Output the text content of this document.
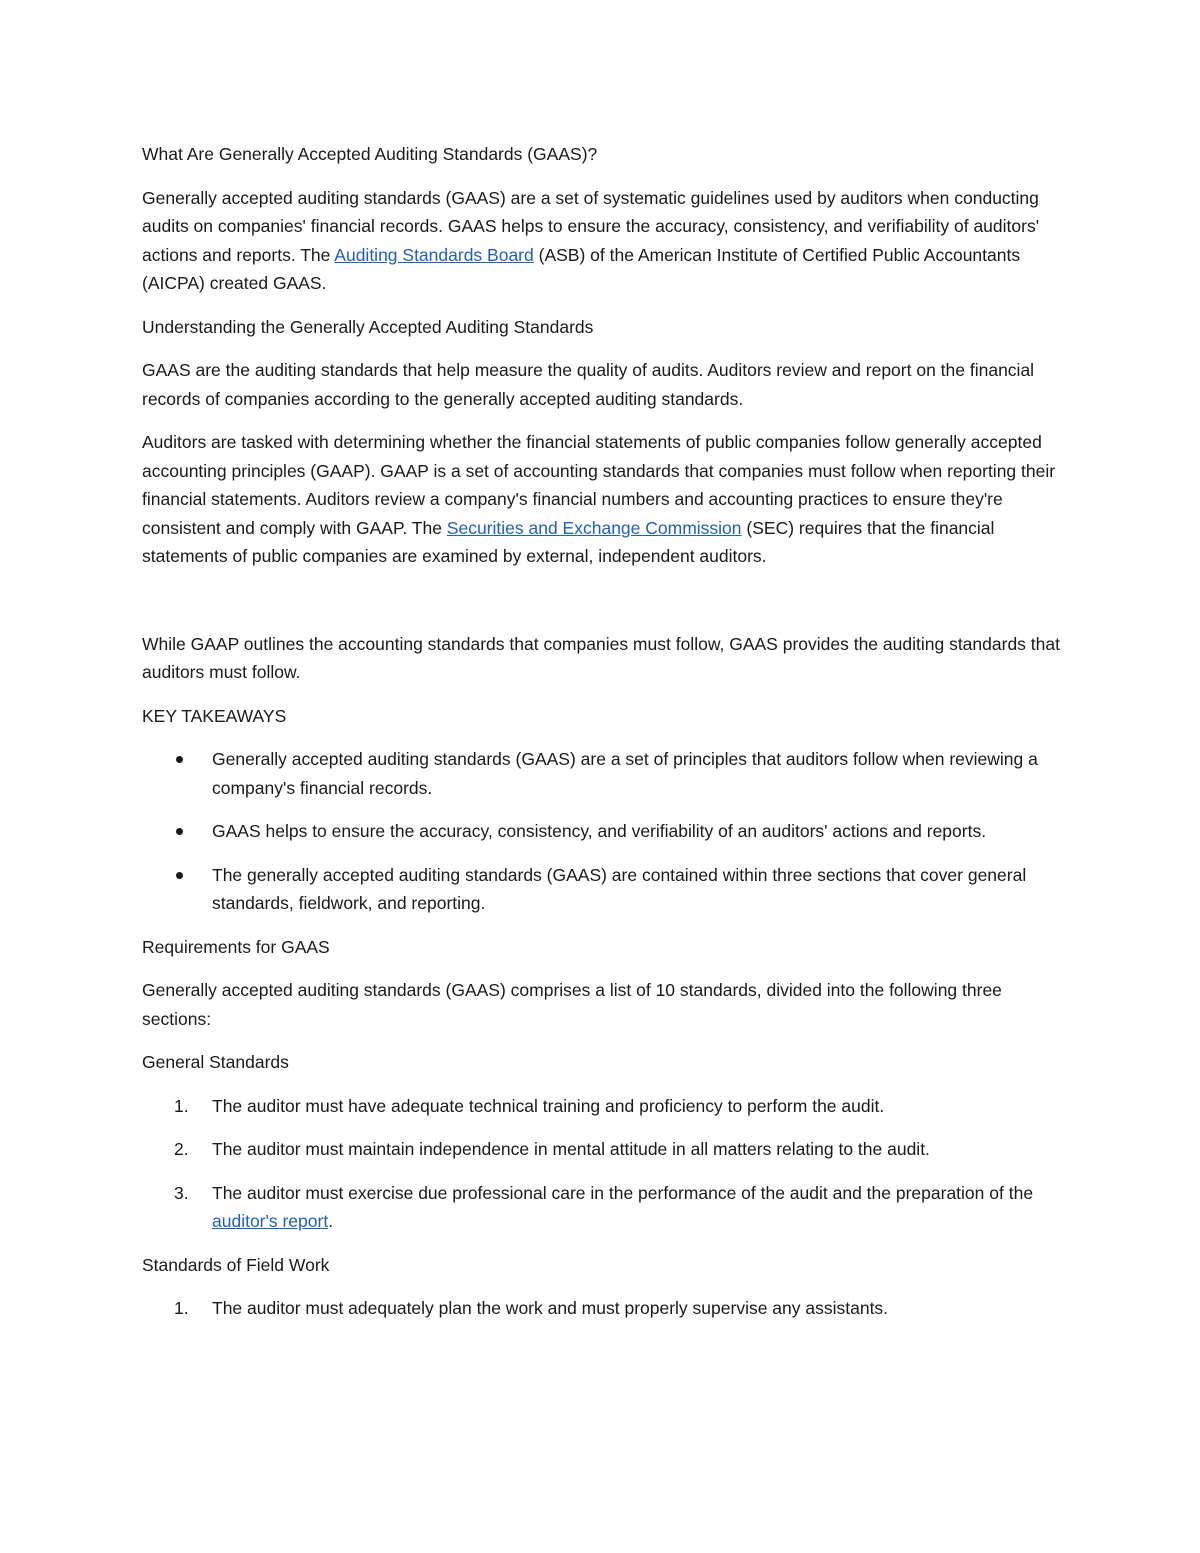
What Are Generally Accepted Auditing Standards (GAAS)?

Generally accepted auditing standards (GAAS) are a set of systematic guidelines used by auditors when conducting audits on companies' financial records. GAAS helps to ensure the accuracy, consistency, and verifiability of auditors' actions and reports. The Auditing Standards Board (ASB) of the American Institute of Certified Public Accountants (AICPA) created GAAS.

Understanding the Generally Accepted Auditing Standards

GAAS are the auditing standards that help measure the quality of audits. Auditors review and report on the financial records of companies according to the generally accepted auditing standards.

Auditors are tasked with determining whether the financial statements of public companies follow generally accepted accounting principles (GAAP). GAAP is a set of accounting standards that companies must follow when reporting their financial statements. Auditors review a company's financial numbers and accounting practices to ensure they're consistent and comply with GAAP. The Securities and Exchange Commission (SEC) requires that the financial statements of public companies are examined by external, independent auditors.

While GAAP outlines the accounting standards that companies must follow, GAAS provides the auditing standards that auditors must follow.

KEY TAKEAWAYS

Generally accepted auditing standards (GAAS) are a set of principles that auditors follow when reviewing a company's financial records.
GAAS helps to ensure the accuracy, consistency, and verifiability of an auditors' actions and reports.
The generally accepted auditing standards (GAAS) are contained within three sections that cover general standards, fieldwork, and reporting.

Requirements for GAAS

Generally accepted auditing standards (GAAS) comprises a list of 10 standards, divided into the following three sections:

General Standards

1. The auditor must have adequate technical training and proficiency to perform the audit.
2. The auditor must maintain independence in mental attitude in all matters relating to the audit.
3. The auditor must exercise due professional care in the performance of the audit and the preparation of the auditor's report.

Standards of Field Work

1. The auditor must adequately plan the work and must properly supervise any assistants.
